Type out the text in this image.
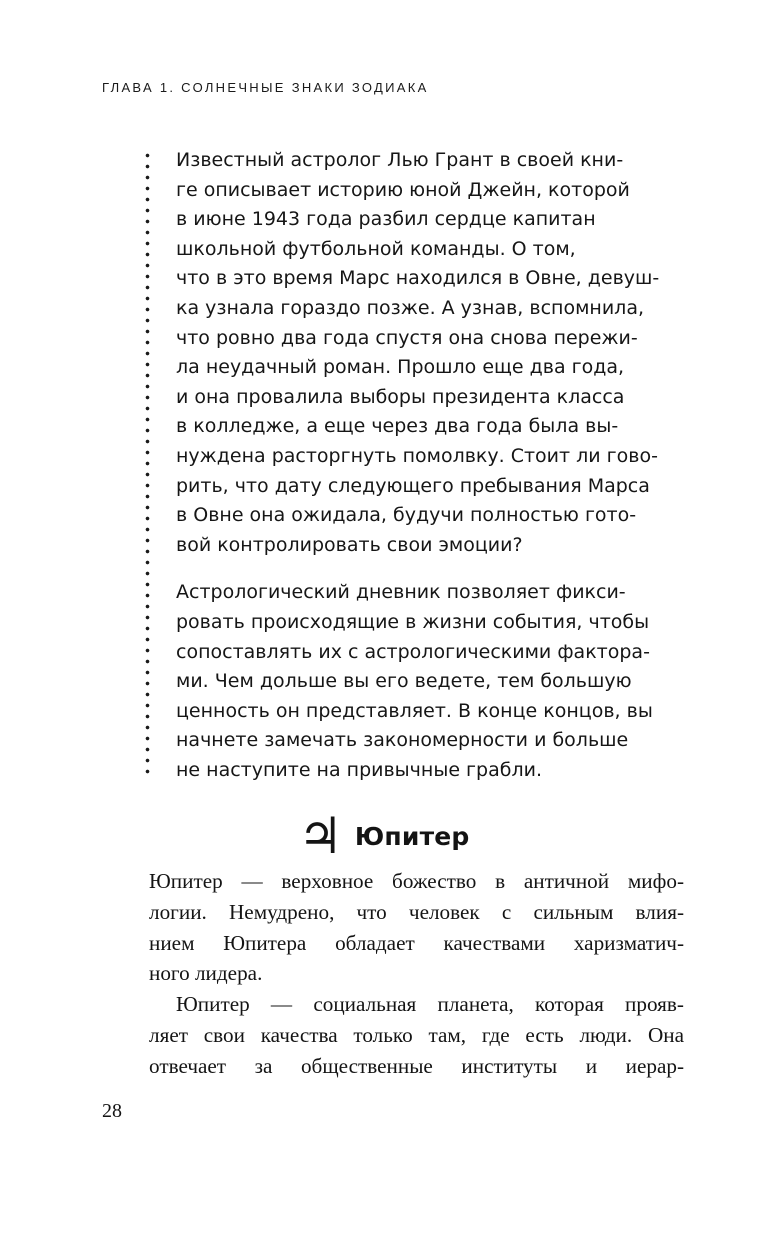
ГЛАВА 1. СОЛНЕЧНЫЕ ЗНАКИ ЗОДИАКА

Известный астролог Лью Грант в своей кни-
ге описывает историю юной Джейн, которой
в июне 1943 года разбил сердце капитан
школьной футбольной команды. О том,
что в это время Марс находился в Овне, девуш-
ка узнала гораздо позже. А узнав, вспомнила,
что ровно два года спустя она снова пережи-
ла неудачный роман. Прошло еще два года,
и она провалила выборы президента класса
в колледже, а еще через два года была вы-
нуждена расторгнуть помолвку. Стоит ли гово-
рить, что дату следующего пребывания Марса
в Овне она ожидала, будучи полностью гото-
вой контролировать свои эмоции?

Астрологический дневник позволяет фикси-
ровать происходящие в жизни события, чтобы
сопоставлять их с астрологическими фактора-
ми. Чем дольше вы его ведете, тем большую
ценность он представляет. В конце концов, вы
начнете замечать закономерности и больше
не наступите на привычные грабли.

♃ Юпитер

Юпитер — верховное божество в античной мифо-
логии. Немудрено, что человек с сильным влия-
нием Юпитера обладает качествами харизматич-
ного лидера.

Юпитер — социальная планета, которая прояв-
ляет свои качества только там, где есть люди. Она
отвечает за общественные институты и иерар-

28
